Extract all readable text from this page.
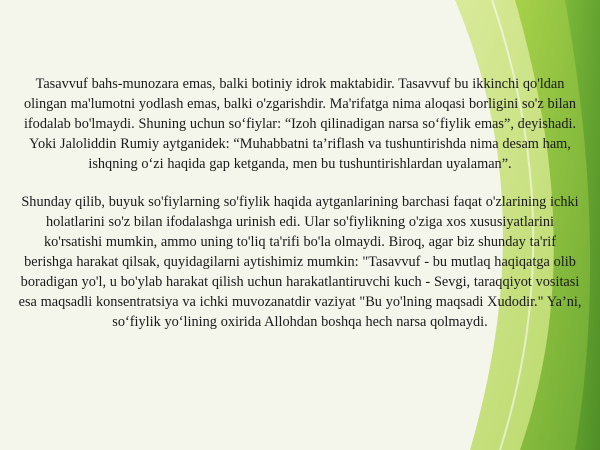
Tasavvuf bahs-munozara emas, balki botiniy idrok maktabidir. Tasavvuf bu ikkinchi qo'ldan olingan ma'lumotni yodlash emas, balki o'zgarishdir. Ma'rifatga nima aloqasi borligini so'z bilan ifodalab bo'lmaydi. Shuning uchun so‘fiylar: “Izoh qilinadigan narsa so‘fiylik emas”, deyishadi. Yoki Jaloliddin Rumiy aytganidek: “Muhabbatni ta’riflash va tushuntirishda nima desam ham, ishqning o‘zi haqida gap ketganda, men bu tushuntirishlardan uyalaman”.

Shunday qilib, buyuk so'fiylarning so'fiylik haqida aytganlarining barchasi faqat o'zlarining ichki holatlarini so'z bilan ifodalashga urinish edi. Ular so'fiylikning o'ziga xos xususiyatlarini ko'rsatishi mumkin, ammo uning to'liq ta'rifi bo'la olmaydi. Biroq, agar biz shunday ta'rif berishga harakat qilsak, quyidagilarni aytishimiz mumkin: "Tasavvuf - bu mutlaq haqiqatga olib boradigan yo'l, u bo'ylab harakat qilish uchun harakatlantiruvchi kuch - Sevgi, taraqqiyot vositasi esa maqsadli konsentratsiya va ichki muvozanatdir vaziyat "Bu yo'lning maqsadi Xudodir." Ya’ni, so‘fiylik yo‘lining oxirida Allohdan boshqa hech narsa qolmaydi.
